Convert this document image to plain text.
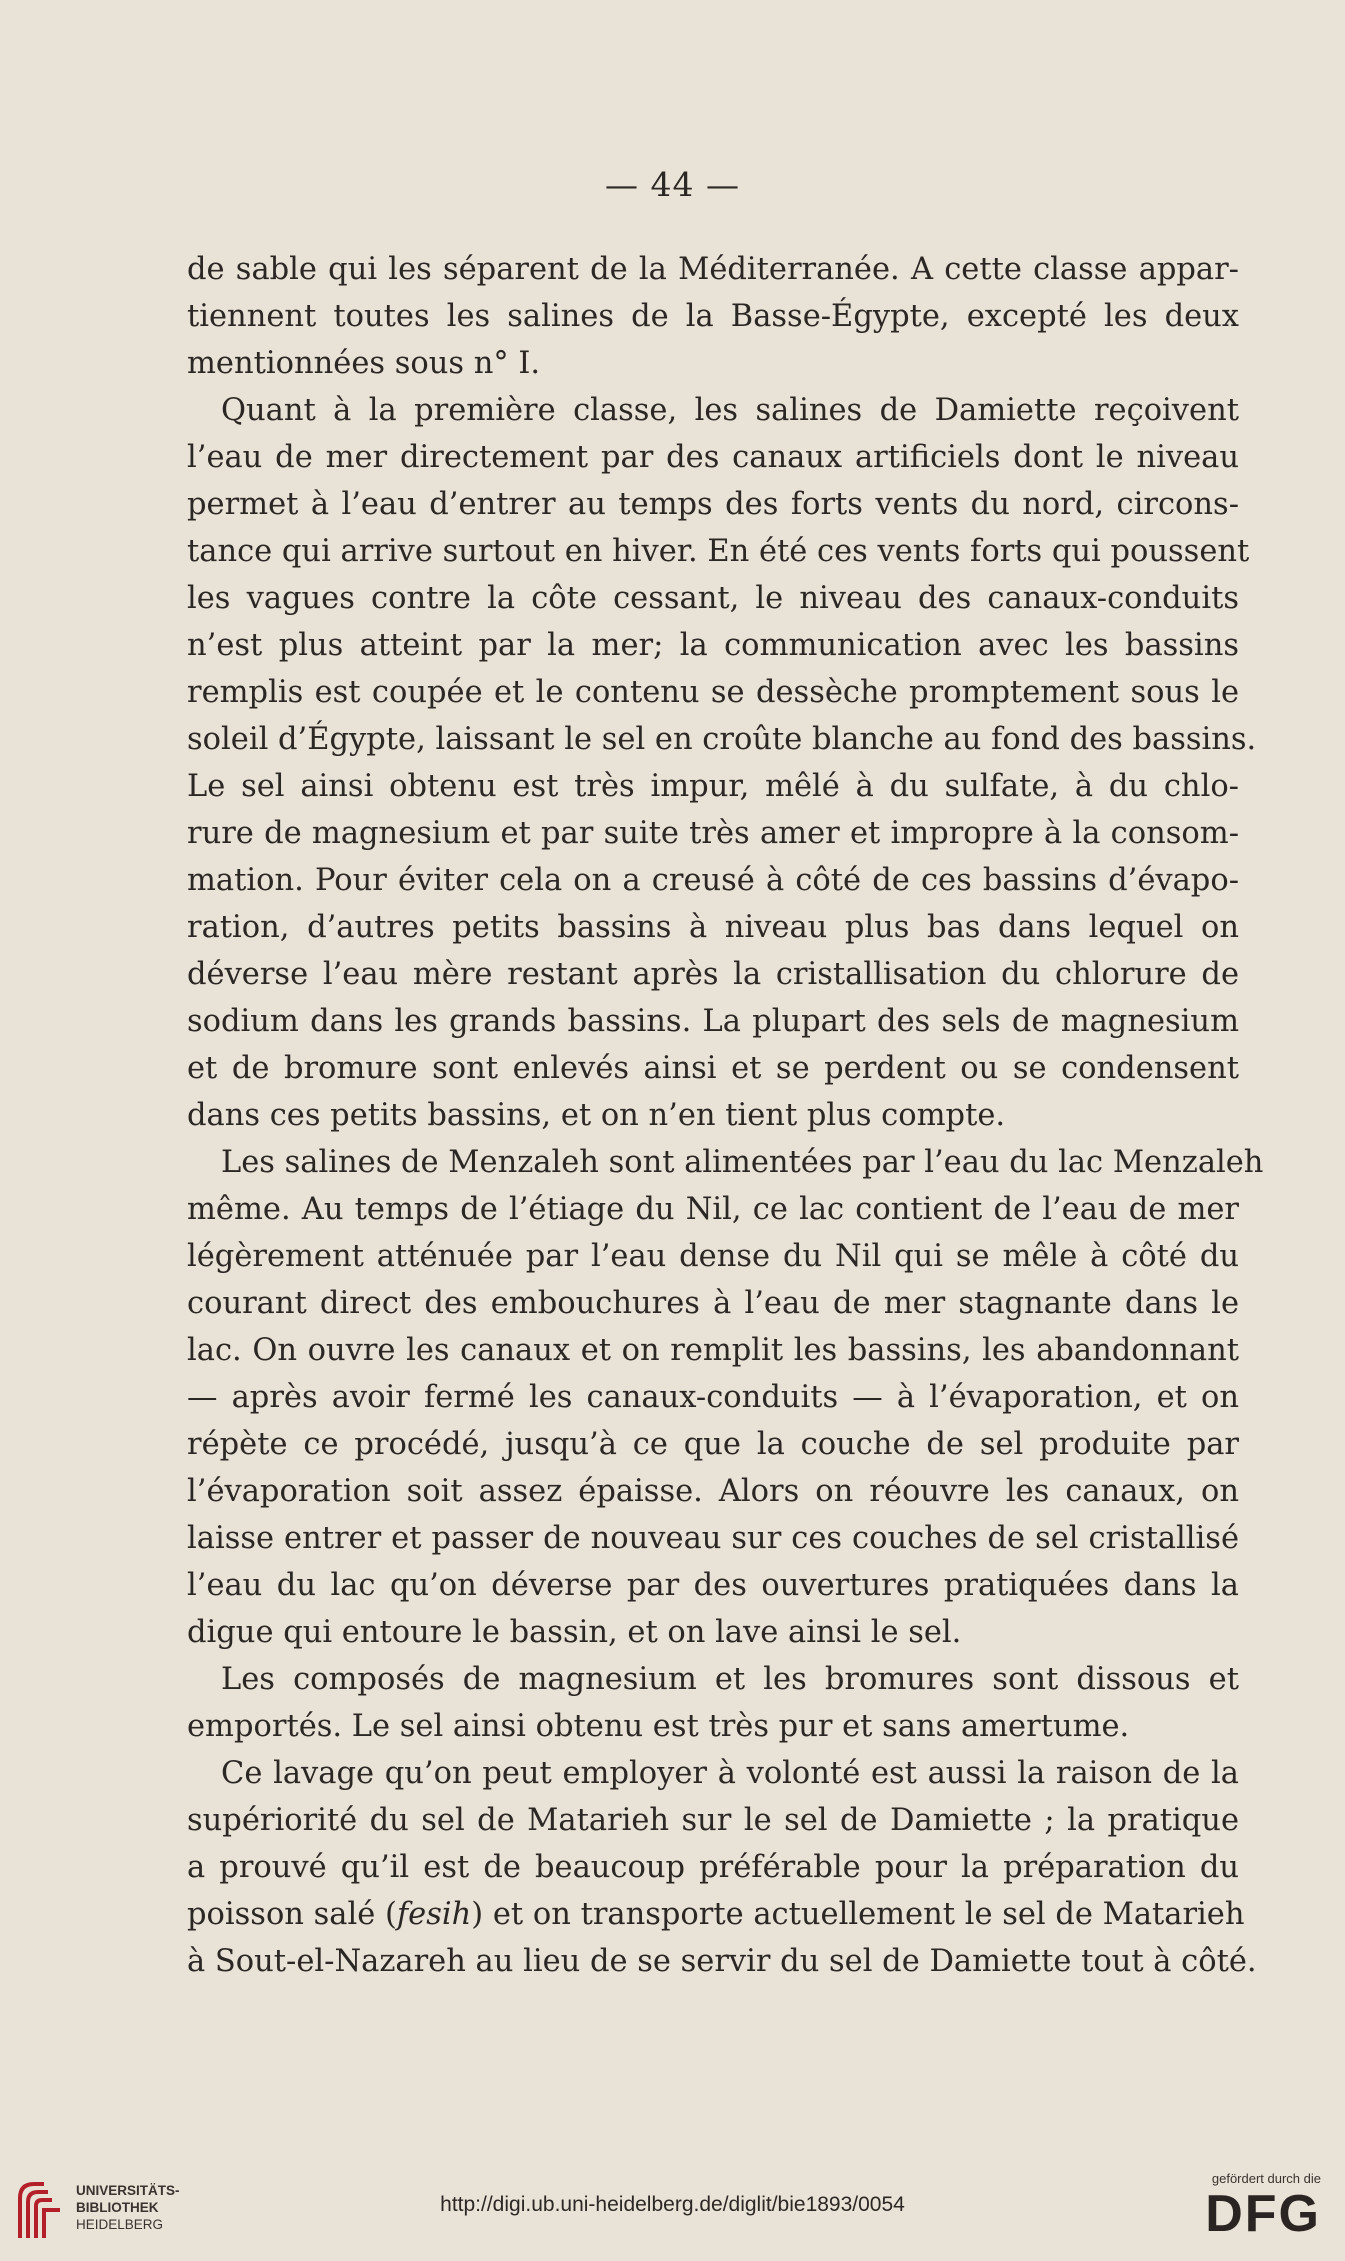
— 44 —
de sable qui les séparent de la Méditerranée. A cette classe appar-
tiennent toutes les salines de la Basse-Égypte, excepté les deux
mentionnées sous n° I.
Quant à la première classe, les salines de Damiette reçoivent
l’eau de mer directement par des canaux artificiels dont le niveau
permet à l’eau d’entrer au temps des forts vents du nord, circons-
tance qui arrive surtout en hiver. En été ces vents forts qui poussent
les vagues contre la côte cessant, le niveau des canaux-conduits
n’est plus atteint par la mer; la communication avec les bassins
remplis est coupée et le contenu se dessèche promptement sous le
soleil d’Égypte, laissant le sel en croûte blanche au fond des bassins.
Le sel ainsi obtenu est très impur, mêlé à du sulfate, à du chlo-
rure de magnesium et par suite très amer et impropre à la consom-
mation. Pour éviter cela on a creusé à côté de ces bassins d’évapo-
ration, d’autres petits bassins à niveau plus bas dans lequel on
déverse l’eau mère restant après la cristallisation du chlorure de
sodium dans les grands bassins. La plupart des sels de magnesium
et de bromure sont enlevés ainsi et se perdent ou se condensent
dans ces petits bassins, et on n’en tient plus compte.
Les salines de Menzaleh sont alimentées par l’eau du lac Menzaleh
même. Au temps de l’étiage du Nil, ce lac contient de l’eau de mer
légèrement atténuée par l’eau dense du Nil qui se mêle à côté du
courant direct des embouchures à l’eau de mer stagnante dans le
lac. On ouvre les canaux et on remplit les bassins, les abandonnant
— après avoir fermé les canaux-conduits — à l’évaporation, et on
répète ce procédé, jusqu’à ce que la couche de sel produite par
l’évaporation soit assez épaisse. Alors on réouvre les canaux, on
laisse entrer et passer de nouveau sur ces couches de sel cristallisé
l’eau du lac qu’on déverse par des ouvertures pratiquées dans la
digue qui entoure le bassin, et on lave ainsi le sel.
Les composés de magnesium et les bromures sont dissous et
emportés. Le sel ainsi obtenu est très pur et sans amertume.
Ce lavage qu’on peut employer à volonté est aussi la raison de la
supériorité du sel de Matarieh sur le sel de Damiette ; la pratique
a prouvé qu’il est de beaucoup préférable pour la préparation du
poisson salé (fesih) et on transporte actuellement le sel de Matarieh
à Sout-el-Nazareh au lieu de se servir du sel de Damiette tout à côté.
UNIVERSITÄTS-
BIBLIOTHEK
HEIDELBERG
http://digi.ub.uni-heidelberg.de/diglit/bie1893/0054
gefördert durch die
DFG
